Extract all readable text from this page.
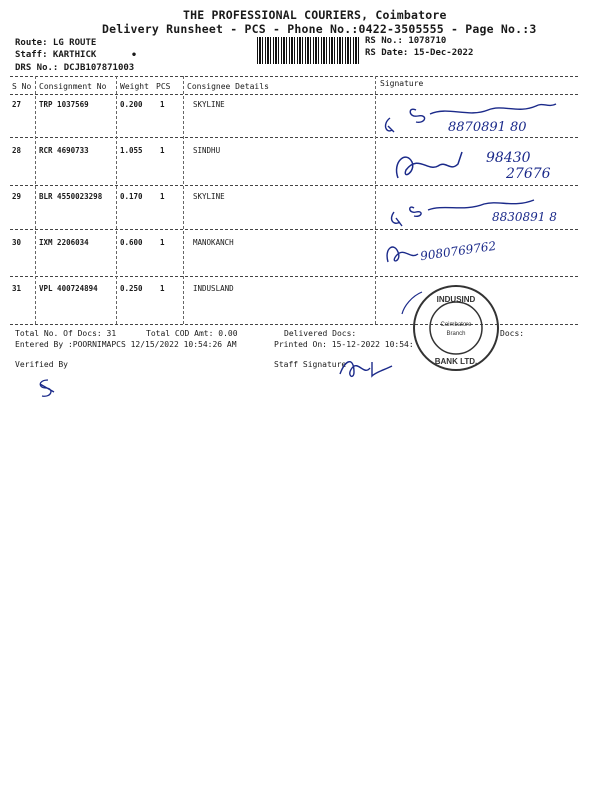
THE PROFESSIONAL COURIERS, Coimbatore
Delivery Runsheet - PCS - Phone No.:0422-3505555 - Page No.:3
Route: LG ROUTE
Staff: KARTHICK	•
DRS No.: DCJB107871003
RS No.: 1078710
RS Date: 15-Dec-2022
S No Consignment No Weight PCS Consignee Details	Signature
27 TRP 1037569	0.200 1	SKYLINE
28 RCR 4690733	1.055 1	SINDHU
29 BLR 4550023298 0.170 1	SKYLINE
30 IXM 2206034	0.600 1	MANOKANCH
31 VPL 400724894	0.250 1	INDUSLAND
8870891 80
98430
27676
8830891 8
9080769762
INDUSIND
BANK LTD.
Coimbatore
Branch
Total No. Of Docs: 31	Total COD Amt: 0.00	Delivered Docs:	Docs:
Entered By :POORNIMAPCS 12/15/2022 10:54:26 AM	Printed On: 15-12-2022 10:54:
Verified By	Staff Signature
